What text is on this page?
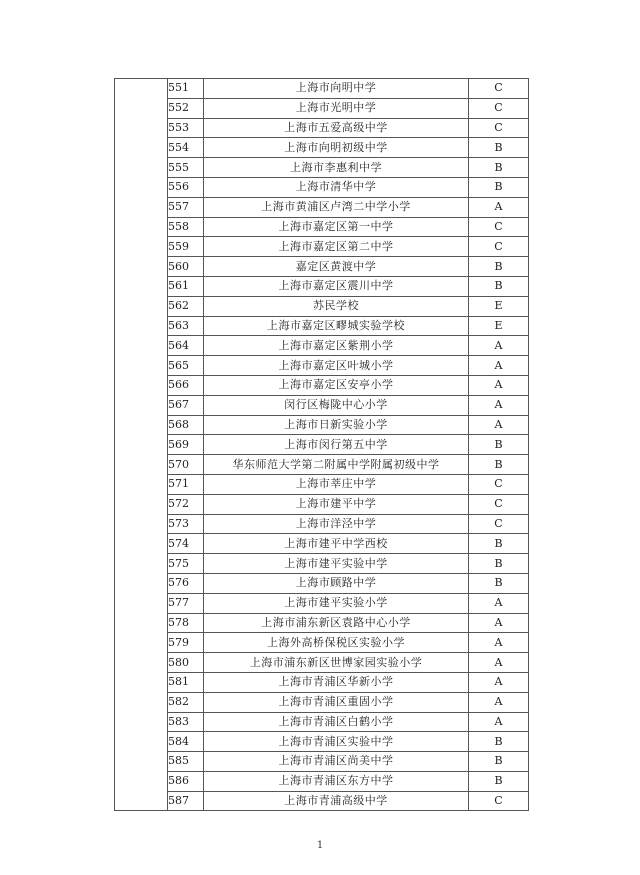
	551	上海市向明中学	C
	552	上海市光明中学	C
	553	上海市五爱高级中学	C
	554	上海市向明初级中学	B
	555	上海市李惠利中学	B
	556	上海市清华中学	B
	557	上海市黄浦区卢湾二中学小学	A
	558	上海市嘉定区第一中学	C
	559	上海市嘉定区第二中学	C
	560	嘉定区黄渡中学	B
	561	上海市嘉定区震川中学	B
	562	苏民学校	E
	563	上海市嘉定区疁城实验学校	E
	564	上海市嘉定区紫荆小学	A
	565	上海市嘉定区叶城小学	A
	566	上海市嘉定区安亭小学	A
	567	闵行区梅陇中心小学	A
	568	上海市日新实验小学	A
	569	上海市闵行第五中学	B
	570	华东师范大学第二附属中学附属初级中学	B
	571	上海市莘庄中学	C
	572	上海市建平中学	C
	573	上海市洋泾中学	C
	574	上海市建平中学西校	B
	575	上海市建平实验中学	B
	576	上海市顾路中学	B
	577	上海市建平实验小学	A
	578	上海市浦东新区袁路中心小学	A
	579	上海外高桥保税区实验小学	A
	580	上海市浦东新区世博家园实验小学	A
	581	上海市青浦区华新小学	A
	582	上海市青浦区重固小学	A
	583	上海市青浦区白鹤小学	A
	584	上海市青浦区实验中学	B
	585	上海市青浦区尚美中学	B
	586	上海市青浦区东方中学	B
	587	上海市青浦高级中学	C
1
